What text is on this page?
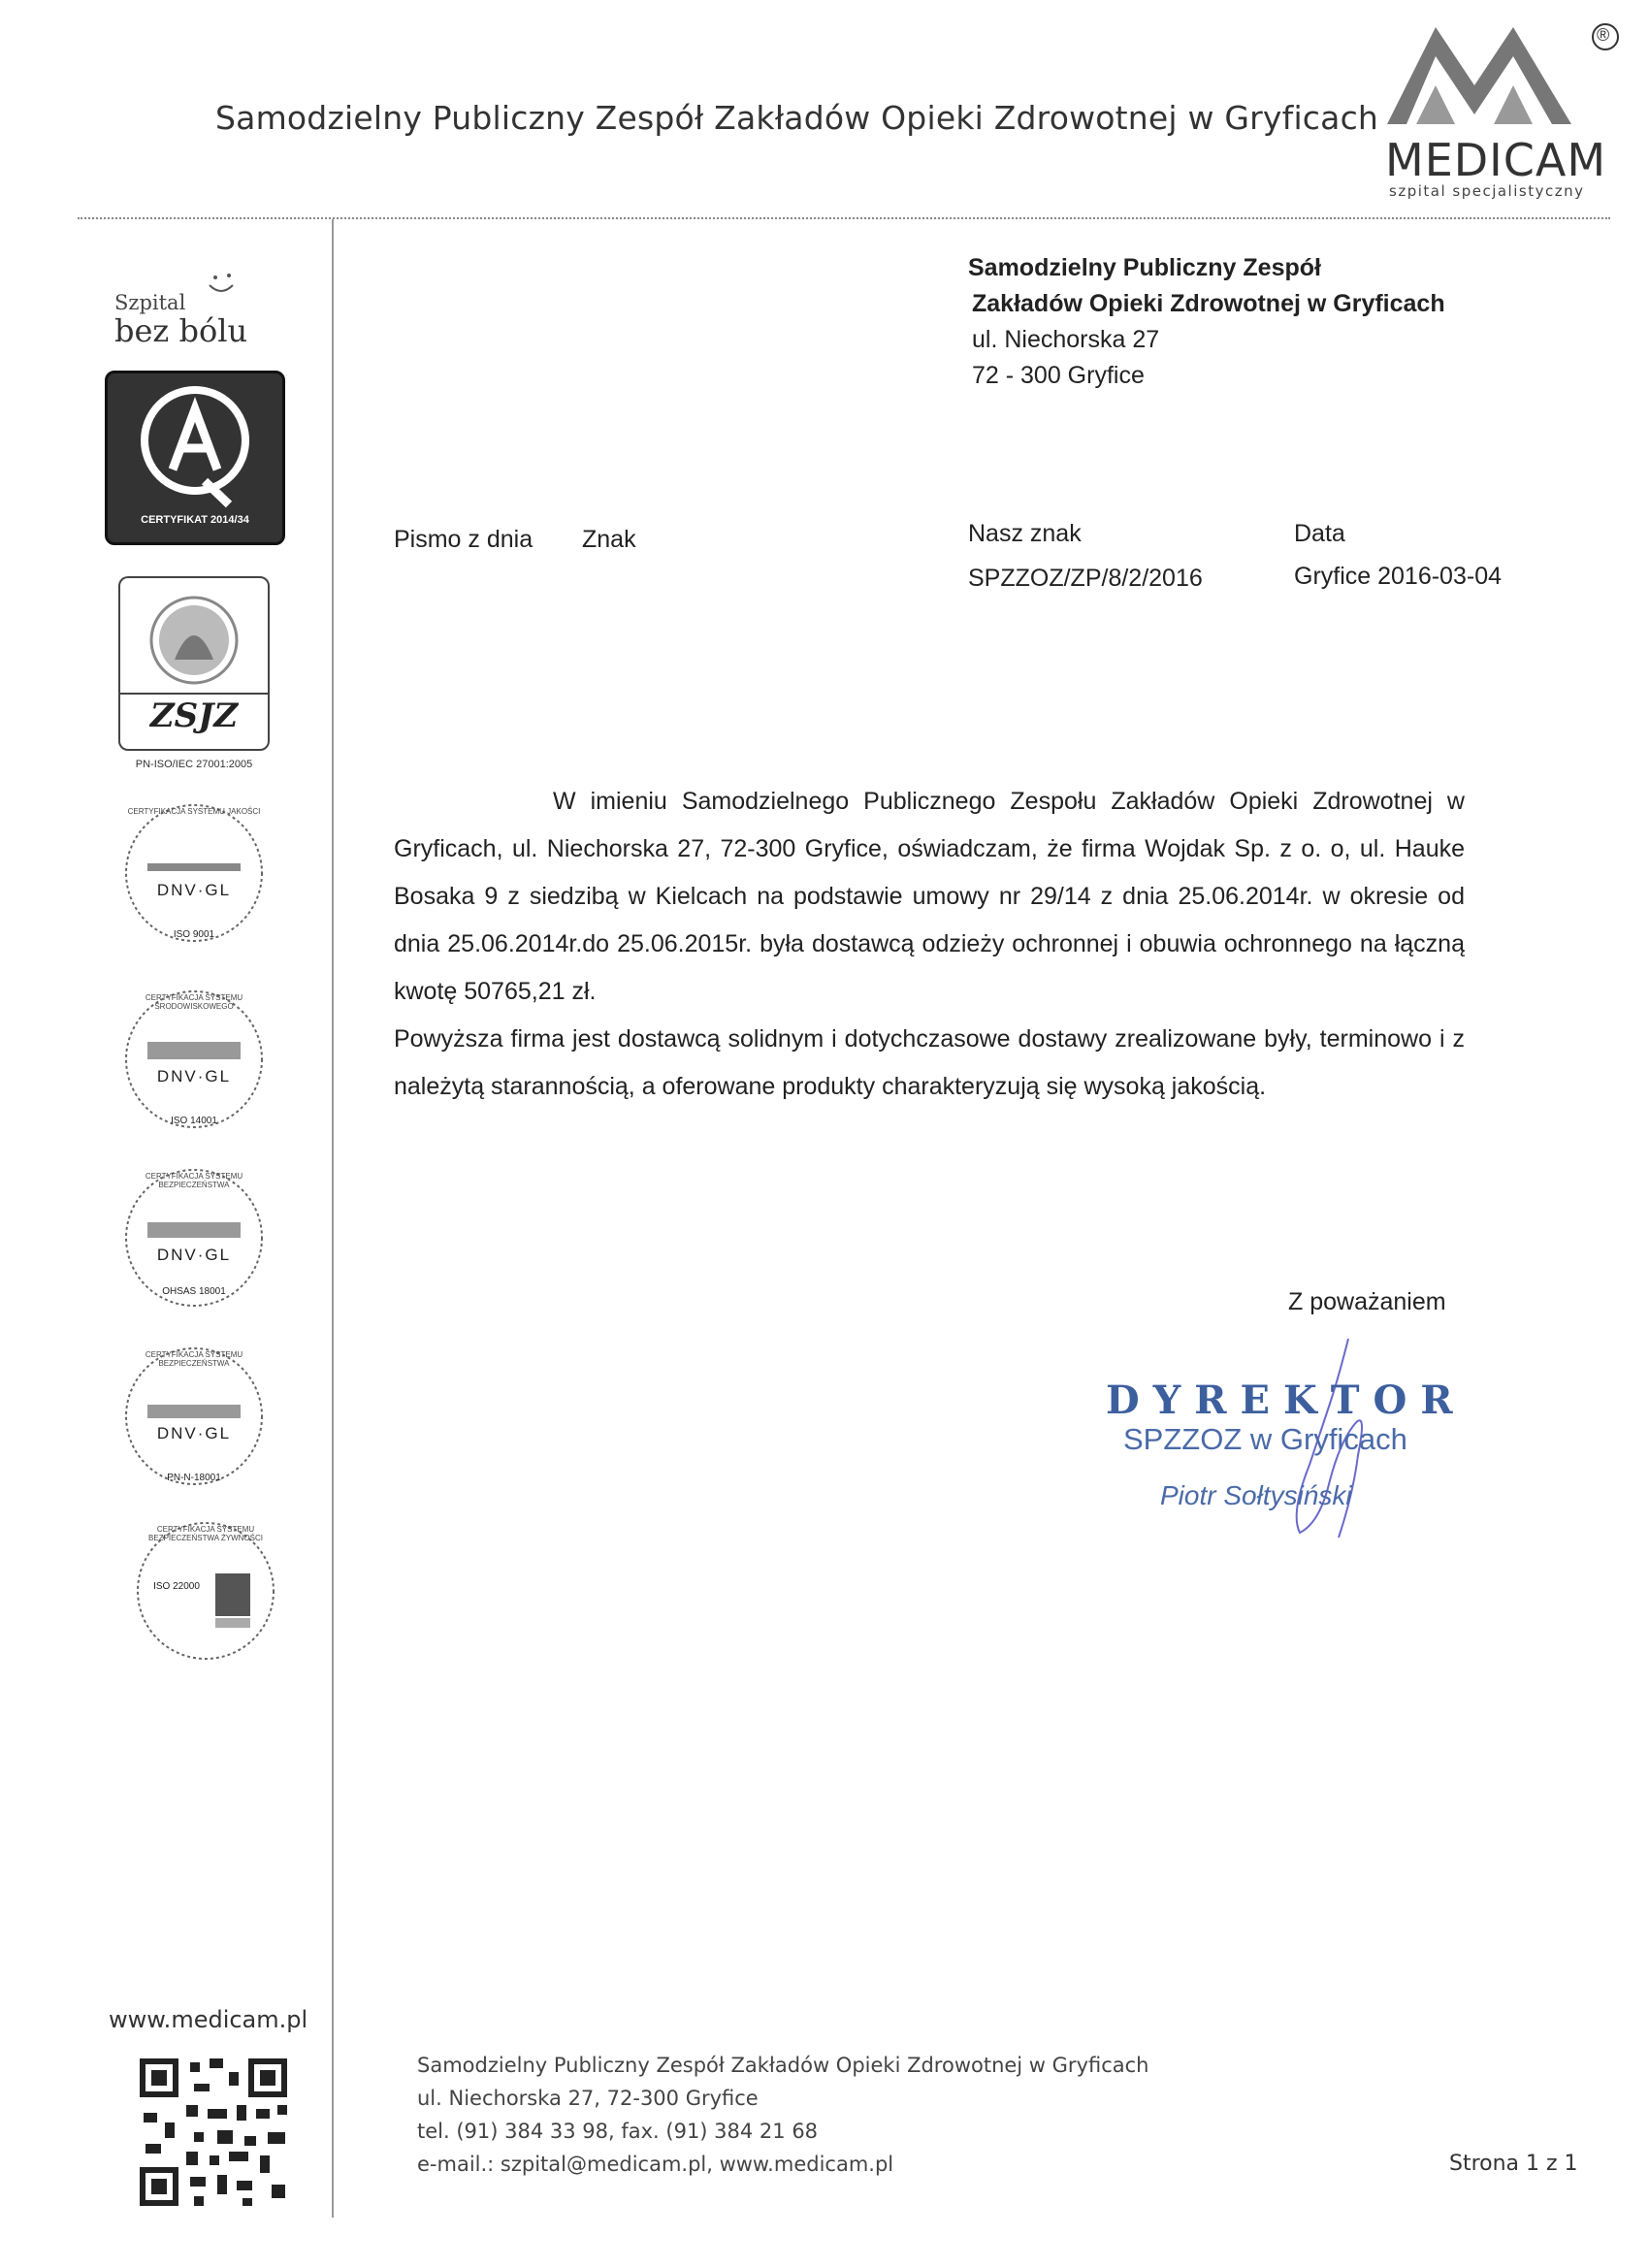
Samodzielny Publiczny Zespół Zakładów Opieki Zdrowotnej w Gryficach
®
MEDICAM
szpital specjalistyczny
Szpital
bez bólu
CERTYFIKAT 2014/34
ZSJZ
PN-ISO/IEC 27001:2005
DNV·GL
ISO 9001
CERTYFIKACJA SYSTEMU JAKOŚCI
DNV·GL
ISO 14001
CERTYFIKACJA SYSTEMU ŚRODOWISKOWEGO
DNV·GL
OHSAS 18001
CERTYFIKACJA SYSTEMU BEZPIECZEŃSTWA
DNV·GL
PN-N-18001
CERTYFIKACJA SYSTEMU BEZPIECZEŃSTWA
ISO 22000
CERTYFIKACJA SYSTEMU BEZPIECZEŃSTWA ŻYWNOŚCI
www.medicam.pl
Samodzielny Publiczny Zespół
Zakładów Opieki Zdrowotnej w Gryficach
ul. Niechorska 27
72 - 300 Gryfice
Pismo z dnia Znak	Nasz znak
SPZZOZ/ZP/8/2/2016
Data
Gryfice 2016-03-04

W imieniu Samodzielnego Publicznego Zespołu Zakładów Opieki Zdrowotnej w Gryficach, ul. Niechorska 27, 72-300 Gryfice, oświadczam, że firma Wojdak Sp. z o. o, ul. Hauke Bosaka 9 z siedzibą w Kielcach na podstawie umowy nr 29/14 z dnia 25.06.2014r. w okresie od dnia 25.06.2014r.do 25.06.2015r. była dostawcą odzieży ochronnej i obuwia ochronnego na łączną kwotę 50765,21 zł.

Powyższa firma jest dostawcą solidnym i dotychczasowe dostawy zrealizowane były, terminowo i z należytą starannością, a oferowane produkty charakteryzują się wysoką jakością.

Z poważaniem
DYREKTOR
SPZZOZ w Gryficach
Piotr Sołtysiński
Samodzielny Publiczny Zespół Zakładów Opieki Zdrowotnej w Gryficach
ul. Niechorska 27, 72-300 Gryfice
tel. (91) 384 33 98, fax. (91) 384 21 68
e-mail.: szpital@medicam.pl, www.medicam.pl	Strona 1 z 1
